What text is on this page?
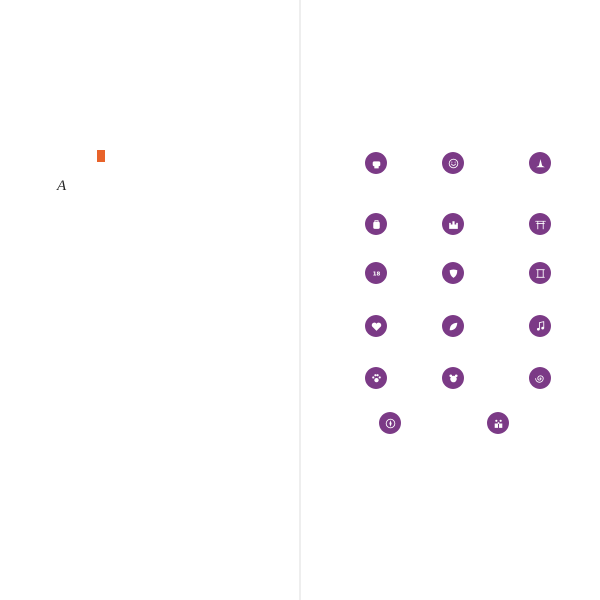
A

18
